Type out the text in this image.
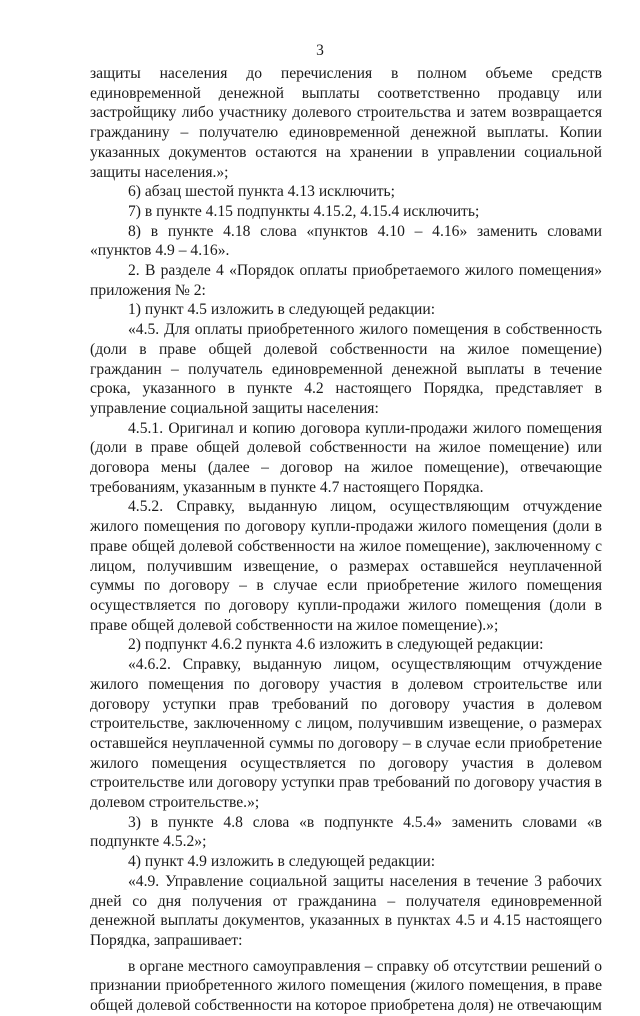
3

защиты населения до перечисления в полном объеме средств единовременной денежной выплаты соответственно продавцу или застройщику либо участнику долевого строительства и затем возвращается гражданину – получателю единовременной денежной выплаты. Копии указанных документов остаются на хранении в управлении социальной защиты населения.»;

6) абзац шестой пункта 4.13 исключить;

7) в пункте 4.15 подпункты 4.15.2, 4.15.4 исключить;

8) в пункте 4.18 слова «пунктов 4.10 – 4.16» заменить словами «пунктов 4.9 – 4.16».

2. В разделе 4 «Порядок оплаты приобретаемого жилого помещения» приложения № 2:

1) пункт 4.5 изложить в следующей редакции:

«4.5. Для оплаты приобретенного жилого помещения в собственность (доли в праве общей долевой собственности на жилое помещение) гражданин – получатель единовременной денежной выплаты в течение срока, указанного в пункте 4.2 настоящего Порядка, представляет в управление социальной защиты населения:

4.5.1. Оригинал и копию договора купли-продажи жилого помещения (доли в праве общей долевой собственности на жилое помещение) или договора мены (далее – договор на жилое помещение), отвечающие требованиям, указанным в пункте 4.7 настоящего Порядка.

4.5.2. Справку, выданную лицом, осуществляющим отчуждение жилого помещения по договору купли-продажи жилого помещения (доли в праве общей долевой собственности на жилое помещение), заключенному с лицом, получившим извещение, о размерах оставшейся неуплаченной суммы по договору – в случае если приобретение жилого помещения осуществляется по договору купли-продажи жилого помещения (доли в праве общей долевой собственности на жилое помещение).»;

2) подпункт 4.6.2 пункта 4.6 изложить в следующей редакции:

«4.6.2. Справку, выданную лицом, осуществляющим отчуждение жилого помещения по договору участия в долевом строительстве или договору уступки прав требований по договору участия в долевом строительстве, заключенному с лицом, получившим извещение, о размерах оставшейся неуплаченной суммы по договору – в случае если приобретение жилого помещения осуществляется по договору участия в долевом строительстве или договору уступки прав требований по договору участия в долевом строительстве.»;

3) в пункте 4.8 слова «в подпункте 4.5.4» заменить словами «в подпункте 4.5.2»;

4) пункт 4.9 изложить в следующей редакции:

«4.9. Управление социальной защиты населения в течение 3 рабочих дней со дня получения от гражданина – получателя единовременной денежной выплаты документов, указанных в пунктах 4.5 и 4.15 настоящего Порядка, запрашивает:

в органе местного самоуправления – справку об отсутствии решений о признании приобретенного жилого помещения (жилого помещения, в праве общей долевой собственности на которое приобретена доля) не отвечающим
